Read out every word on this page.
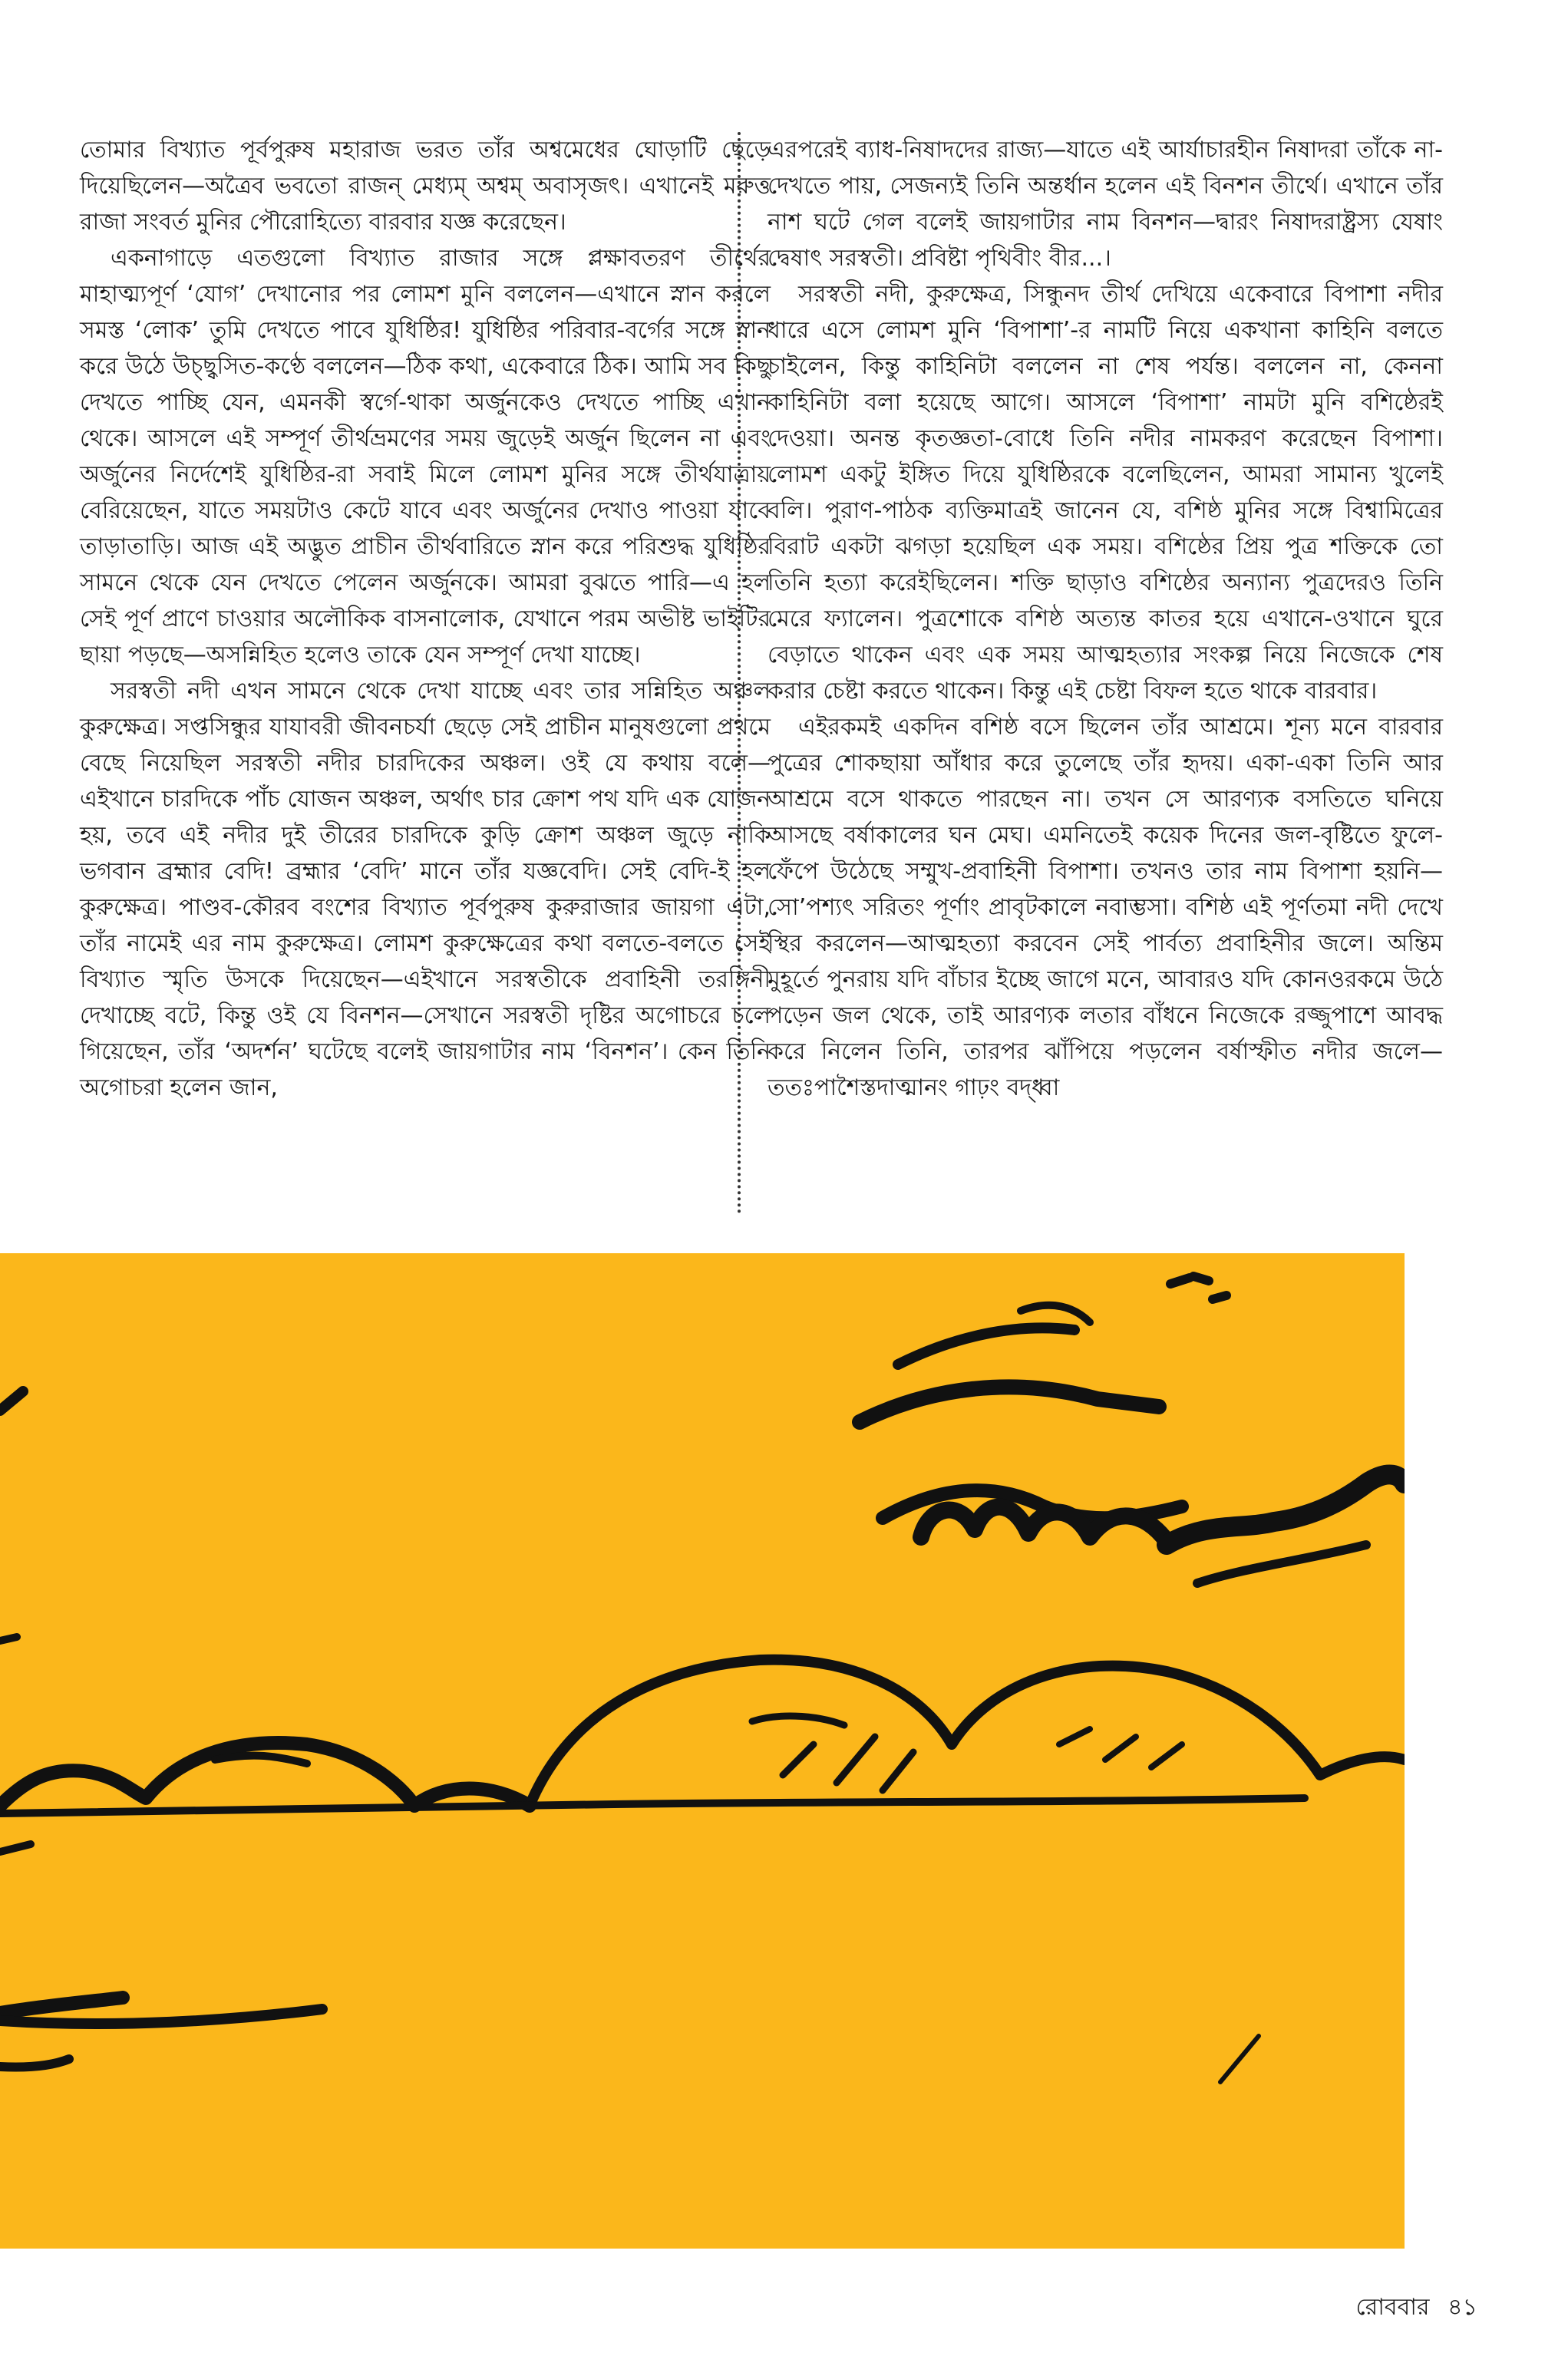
তোমার বিখ্যাত পূর্বপুরুষ মহারাজ ভরত তাঁর অশ্বমেধের ঘোড়াটি ছেড়ে দিয়েছিলেন—অত্রৈব ভবতো রাজন্ মেধ্যম্ অশ্বম্ অবাসৃজৎ। এখানেই মরুত্ত রাজা সংবর্ত মুনির পৌরোহিত্যে বারবার যজ্ঞ করেছেন।

একনাগাড়ে এতগুলো বিখ্যাত রাজার সঙ্গে প্লক্ষাবতরণ তীর্থের মাহাত্ম্যপূর্ণ ‘যোগ’ দেখানোর পর লোমশ মুনি বললেন—এখানে স্নান করলে সমস্ত ‘লোক’ তুমি দেখতে পাবে যুধিষ্ঠির! যুধিষ্ঠির পরিবার-বর্গের সঙ্গে স্নান করে উঠে উচ্ছ্বসিত-কণ্ঠে বললেন—ঠিক কথা, একেবারে ঠিক। আমি সব কিছু দেখতে পাচ্ছি যেন, এমনকী স্বর্গে-থাকা অর্জুনকেও দেখতে পাচ্ছি এখান থেকে। আসলে এই সম্পূর্ণ তীর্থভ্রমণের সময় জুড়েই অর্জুন ছিলেন না এবং অর্জুনের নির্দেশেই যুধিষ্ঠির-রা সবাই মিলে লোমশ মুনির সঙ্গে তীর্থযাত্রায় বেরিয়েছেন, যাতে সময়টাও কেটে যাবে এবং অর্জুনের দেখাও পাওয়া যাবে তাড়াতাড়ি। আজ এই অদ্ভুত প্রাচীন তীর্থবারিতে স্নান করে পরিশুদ্ধ যুধিষ্ঠির সামনে থেকে যেন দেখতে পেলেন অর্জুনকে। আমরা বুঝতে পারি—এ হল সেই পূর্ণ প্রাণে চাওয়ার অলৌকিক বাসনালোক, যেখানে পরম অভীষ্ট ভাইটির ছায়া পড়ছে—অসন্নিহিত হলেও তাকে যেন সম্পূর্ণ দেখা যাচ্ছে।

সরস্বতী নদী এখন সামনে থেকে দেখা যাচ্ছে এবং তার সন্নিহিত অঞ্চল কুরুক্ষেত্র। সপ্তসিন্ধুর যাযাবরী জীবনচর্যা ছেড়ে সেই প্রাচীন মানুষগুলো প্রথমে বেছে নিয়েছিল সরস্বতী নদীর চারদিকের অঞ্চল। ওই যে কথায় বলে—এইখানে চারদিকে পাঁচ যোজন অঞ্চল, অর্থাৎ চার ক্রোশ পথ যদি এক যোজন হয়, তবে এই নদীর দুই তীরের চারদিকে কুড়ি ক্রোশ অঞ্চল জুড়ে নাকি ভগবান ব্রহ্মার বেদি! ব্রহ্মার ‘বেদি’ মানে তাঁর যজ্ঞবেদি। সেই বেদি-ই হল কুরুক্ষেত্র। পাণ্ডব-কৌরব বংশের বিখ্যাত পূর্বপুরুষ কুরুরাজার জায়গা এটা, তাঁর নামেই এর নাম কুরুক্ষেত্র। লোমশ কুরুক্ষেত্রের কথা বলতে-বলতে সেই বিখ্যাত স্মৃতি উসকে দিয়েছেন—এইখানে সরস্বতীকে প্রবাহিনী তরঙ্গিনী দেখাচ্ছে বটে, কিন্তু ওই যে বিনশন—সেখানে সরস্বতী দৃষ্টির অগোচরে চলে গিয়েছেন, তাঁর ‘অদর্শন’ ঘটেছে বলেই জায়গাটার নাম ‘বিনশন’। কেন তিনি অগোচরা হলেন জান,

এরপরেই ব্যাধ-নিষাদদের রাজ্য—যাতে এই আর্যাচারহীন নিষাদরা তাঁকে না-দেখতে পায়, সেজন্যই তিনি অন্তর্ধান হলেন এই বিনশন তীর্থে। এখানে তাঁর নাশ ঘটে গেল বলেই জায়গাটার নাম বিনশন—দ্বারং নিষাদরাষ্ট্রস্য যেষাং দ্বেষাৎ সরস্বতী। প্রবিষ্টা পৃথিবীং বীর...।

সরস্বতী নদী, কুরুক্ষেত্র, সিন্ধুনদ তীর্থ দেখিয়ে একেবারে বিপাশা নদীর ধারে এসে লোমশ মুনি ‘বিপাশা’-র নামটি নিয়ে একখানা কাহিনি বলতে চাইলেন, কিন্তু কাহিনিটা বললেন না শেষ পর্যন্ত। বললেন না, কেননা কাহিনিটা বলা হয়েছে আগে। আসলে ‘বিপাশা’ নামটা মুনি বশিষ্ঠেরই দেওয়া। অনন্ত কৃতজ্ঞতা-বোধে তিনি নদীর নামকরণ করেছেন বিপাশা। লোমশ একটু ইঙ্গিত দিয়ে যুধিষ্ঠিরকে বলেছিলেন, আমরা সামান্য খুলেই বলি। পুরাণ-পাঠক ব্যক্তিমাত্রই জানেন যে, বশিষ্ঠ মুনির সঙ্গে বিশ্বামিত্রের বিরাট একটা ঝগড়া হয়েছিল এক সময়। বশিষ্ঠের প্রিয় পুত্র শক্তিকে তো তিনি হত্যা করেইছিলেন। শক্তি ছাড়াও বশিষ্ঠের অন্যান্য পুত্রদেরও তিনি মেরে ফ্যালেন। পুত্রশোকে বশিষ্ঠ অত্যন্ত কাতর হয়ে এখানে-ওখানে ঘুরে বেড়াতে থাকেন এবং এক সময় আত্মহত্যার সংকল্প নিয়ে নিজেকে শেষ করার চেষ্টা করতে থাকেন। কিন্তু এই চেষ্টা বিফল হতে থাকে বারবার।

এইরকমই একদিন বশিষ্ঠ বসে ছিলেন তাঁর আশ্রমে। শূন্য মনে বারবার পুত্রের শোকছায়া আঁধার করে তুলেছে তাঁর হৃদয়। একা-একা তিনি আর আশ্রমে বসে থাকতে পারছেন না। তখন সে আরণ্যক বসতিতে ঘনিয়ে আসছে বর্ষাকালের ঘন মেঘ। এমনিতেই কয়েক দিনের জল-বৃষ্টিতে ফুলে-ফেঁপে উঠেছে সম্মুখ-প্রবাহিনী বিপাশা। তখনও তার নাম বিপাশা হয়নি—সো’পশ্যৎ সরিতং পূর্ণাং প্রাবৃটকালে নবাম্ভসা। বশিষ্ঠ এই পূর্ণতমা নদী দেখে স্থির করলেন—আত্মহত্যা করবেন সেই পার্বত্য প্রবাহিনীর জলে। অন্তিম মুহূর্তে পুনরায় যদি বাঁচার ইচ্ছে জাগে মনে, আবারও যদি কোনওরকমে উঠে পড়েন জল থেকে, তাই আরণ্যক লতার বাঁধনে নিজেকে রজ্জুপাশে আবদ্ধ করে নিলেন তিনি, তারপর ঝাঁপিয়ে পড়লেন বর্ষাস্ফীত নদীর জলে—ততঃপাশৈস্তদাত্মানং গাঢ়ং বদ্ধ্বা

রোববার ৪১
